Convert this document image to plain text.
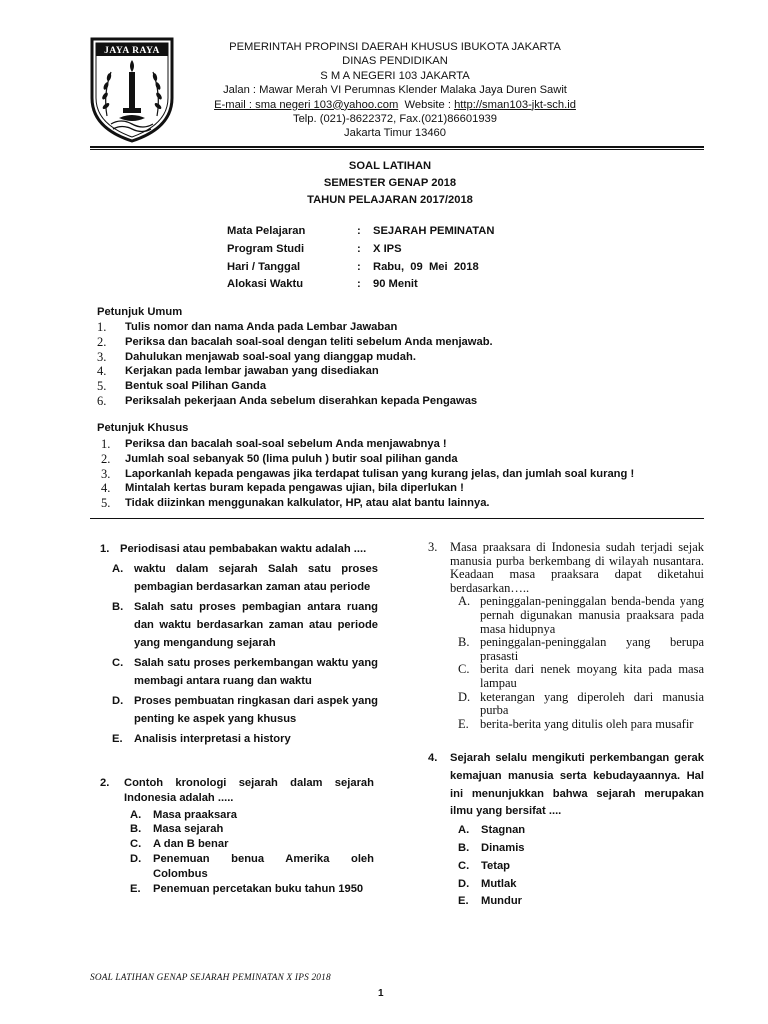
JAYA RAYA	PEMERINTAH PROPINSI DAERAH KHUSUS IBUKOTA JAKARTA
DINAS PENDIDIKAN
S M A NEGERI 103 JAKARTA
Jalan : Mawar Merah VI Perumnas Klender Malaka Jaya Duren Sawit
E-mail : sma negeri 103@yahoo.com  Website : http://sman103-jkt-sch.id
Telp. (021)-8622372, Fax.(021)86601939
Jakarta Timur 13460
SOAL LATIHAN
SEMESTER GENAP 2018
TAHUN PELAJARAN 2017/2018
Mata Pelajaran	:	SEJARAH PEMINATAN
Program Studi	:	X IPS
Hari / Tanggal	:	Rabu,  09  Mei  2018
Alokasi Waktu	:	90 Menit
Petunjuk Umum
1.	Tulis nomor dan nama Anda pada Lembar Jawaban
2.	Periksa dan bacalah soal-soal dengan teliti sebelum Anda menjawab.
3.	Dahulukan menjawab soal-soal yang dianggap mudah.
4.	Kerjakan pada lembar jawaban yang disediakan
5.	Bentuk soal Pilihan Ganda
6.	Periksalah pekerjaan Anda sebelum diserahkan kepada Pengawas
Petunjuk Khusus
1.	Periksa dan bacalah soal-soal sebelum Anda menjawabnya !
2.	Jumlah soal sebanyak 50 (lima puluh ) butir soal pilihan ganda
3.	Laporkanlah kepada pengawas jika terdapat tulisan yang kurang jelas, dan jumlah soal kurang !
4.	Mintalah kertas buram kepada pengawas ujian, bila diperlukan !
5.	Tidak diizinkan menggunakan kalkulator, HP, atau alat bantu lainnya.
1. Periodisasi atau pembabakan waktu adalah ....
A. waktu dalam sejarah Salah satu proses pembagian berdasarkan zaman atau periode
B. Salah satu proses pembagian antara ruang dan waktu berdasarkan zaman atau periode yang mengandung sejarah
C. Salah satu proses perkembangan waktu yang membagi antara ruang dan waktu
D. Proses pembuatan ringkasan dari aspek yang penting ke aspek yang khusus
E.	Analisis interpretasi a history
2.	Contoh kronologi sejarah dalam sejarah Indonesia adalah .....
A.	Masa praaksara
B.	Masa sejarah
C.	A dan B benar
D.	Penemuan benua Amerika oleh Colombus
E.	Penemuan percetakan buku tahun 1950
3.	Masa praaksara di Indonesia sudah terjadi sejak manusia purba berkembang di wilayah nusantara. Keadaan masa praaksara dapat diketahui berdasarkan…..
A. peninggalan-peninggalan benda-benda yang pernah digunakan manusia praaksara pada masa hidupnya
B. peninggalan-peninggalan yang berupa prasasti
C. berita dari nenek moyang kita pada masa lampau
D. keterangan yang diperoleh dari manusia purba
E. berita-berita yang ditulis oleh para musafir
4.	Sejarah selalu mengikuti perkembangan gerak kemajuan manusia serta kebudayaannya. Hal ini menunjukkan bahwa sejarah merupakan ilmu yang bersifat ....
A.	Stagnan
B.	Dinamis
C.	Tetap
D.	Mutlak
E.	Mundur
SOAL LATIHAN GENAP SEJARAH PEMINATAN X IPS 2018
1
